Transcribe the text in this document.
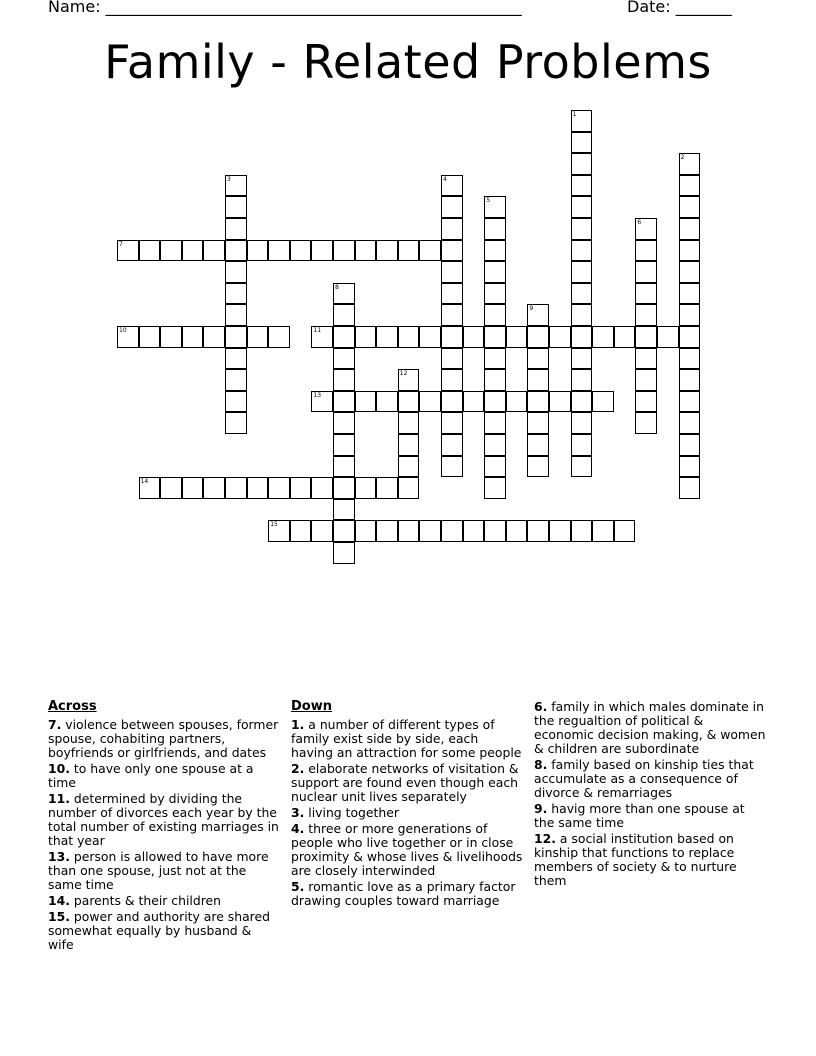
Name: ____________________________________________________	Date: _______
Family - Related Problems
1
2
3	4
5
6
7
8
9
10	11
12
13
14
15
Across
7. violence between spouses, former spouse, cohabiting partners, boyfriends or girlfriends, and dates
10. to have only one spouse at a time
11. determined by dividing the number of divorces each year by the total number of existing marriages in that year
13. person is allowed to have more than one spouse, just not at the same time
14. parents & their children
15. power and authority are shared somewhat equally by husband & wife
Down
1. a number of different types of family exist side by side, each having an attraction for some people
2. elaborate networks of visitation & support are found even though each nuclear unit lives separately
3. living together
4. three or more generations of people who live together or in close proximity & whose lives & livelihoods are closely interwinded
5. romantic love as a primary factor drawing couples toward marriage
6. family in which males dominate in the regualtion of political & economic decision making, & women & children are subordinate
8. family based on kinship ties that accumulate as a consequence of divorce & remarriages
9. havig more than one spouse at the same time
12. a social institution based on kinship that functions to replace members of society & to nurture them
